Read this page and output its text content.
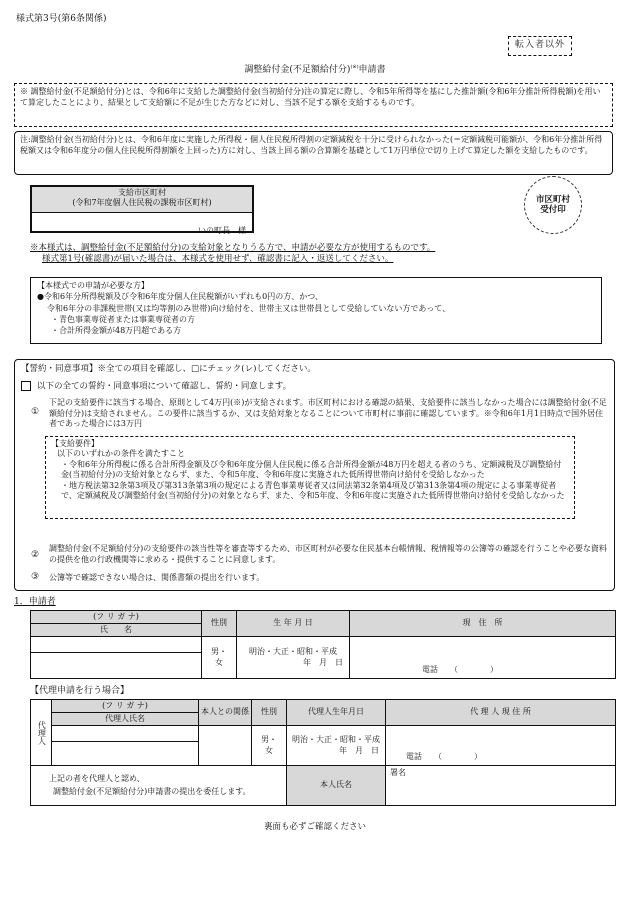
様式第3号(第6条関係)
転入者以外
調整給付金(不足額給付分)(※)申請書
※ 調整給付金(不足額給付分)とは、令和6年に支給した調整給付金(当初給付分)注の算定に際し、令和5年所得等を基にした推計額(令和6年分推計所得税額)を用いて算定したことにより、結果として支給額に不足が生じた方などに対し、当該不足する額を支給するものです。
注:調整給付金(当初給付分)とは、令和6年度に実施した所得税・個人住民税所得割の定額減税を十分に受けられなかった(＝定額減税可能額が、令和6年分推計所得税額又は令和6年度分の個人住民税所得割額を上回った)方に対し、当該上回る額の合算額を基礎として1万円単位で切り上げて算定した額を支給したものです。
支給市区町村
(令和7年度個人住民税の課税市区町村)
いの町長　様
市区町村
受付印
※本様式は、調整給付金(不足額給付分)の支給対象となりうる方で、申請が必要な方が使用するものです。
様式第1号(確認書)が届いた場合は、本様式を使用せず、確認書に記入・返送してください。
【本様式での申請が必要な方】
●令和6年分所得税額及び令和6年度分個人住民税額がいずれも0円の方、かつ、
令和6年分の非課税世帯(又は均等割のみ世帯)向け給付を、世帯主又は世帯員として受給していない方であって、
・青色事業専従者または事業専従者の方
・合計所得金額が48万円超である方
【誓約・同意事項】※全ての項目を確認し、□にチェック(レ)してください。
以下の全ての誓約・同意事項について確認し、誓約・同意します。
①
下記の支給要件に該当する場合、原則として4万円(※)が支給されます。市区町村における確認の結果、支給要件に該当しなかった場合には調整給付金(不足額給付分)は支給されません。この要件に該当するか、又は支給対象となることについて市町村に事前に確認しています。※令和6年1月1日時点で国外居住者であった場合には3万円
【支給要件】
以下のいずれかの条件を満たすこと
・令和6年分所得税に係る合計所得金額及び令和6年度分個人住民税に係る合計所得金額が48万円を超える者のうち、定額減税及び調整給付金(当初給付分)の支給対象とならず、また、令和5年度、令和6年度に実施された低所得世帯向け給付を受給しなかった
・地方税法第32条第3項及び第313条第3項の規定による青色事業専従者又は同法第32条第4項及び第313条第4項の規定による事業専従者で、定額減税及び調整給付金(当初給付分)の対象とならず、また、令和5年度、令和6年度に実施された低所得世帯向け給付を受給しなかった
②
調整給付金(不足額給付分)の支給要件の該当性等を審査等するため、市区町村が必要な住民基本台帳情報、税情報等の公簿等の確認を行うことや必要な資料の提供を他の行政機関等に求める・提供することに同意します。
③ 公簿等で確認できない場合は、関係書類の提出を行います。
1．申請者
(フ リ ガ ナ)	性別	生 年 月 日	現　住　所
氏　　名			
	男・女	明治・大正・昭和・平成
年　月　日	電話　　（　　　　）

【代理申請を行う場合】
代理人	(フ リ ガ ナ)	本人との関係	性別	代理人生年月日	代 理 人 現 住 所
	代理人氏名				
			男・女	明治・大正・昭和・平成
年　月　日	電話　　（　　　　）

上記の者を代理人と認め、
調整給付金(不足額給付分)申請書の提出を委任します。				本人氏名	署名
裏面も必ずご確認ください
